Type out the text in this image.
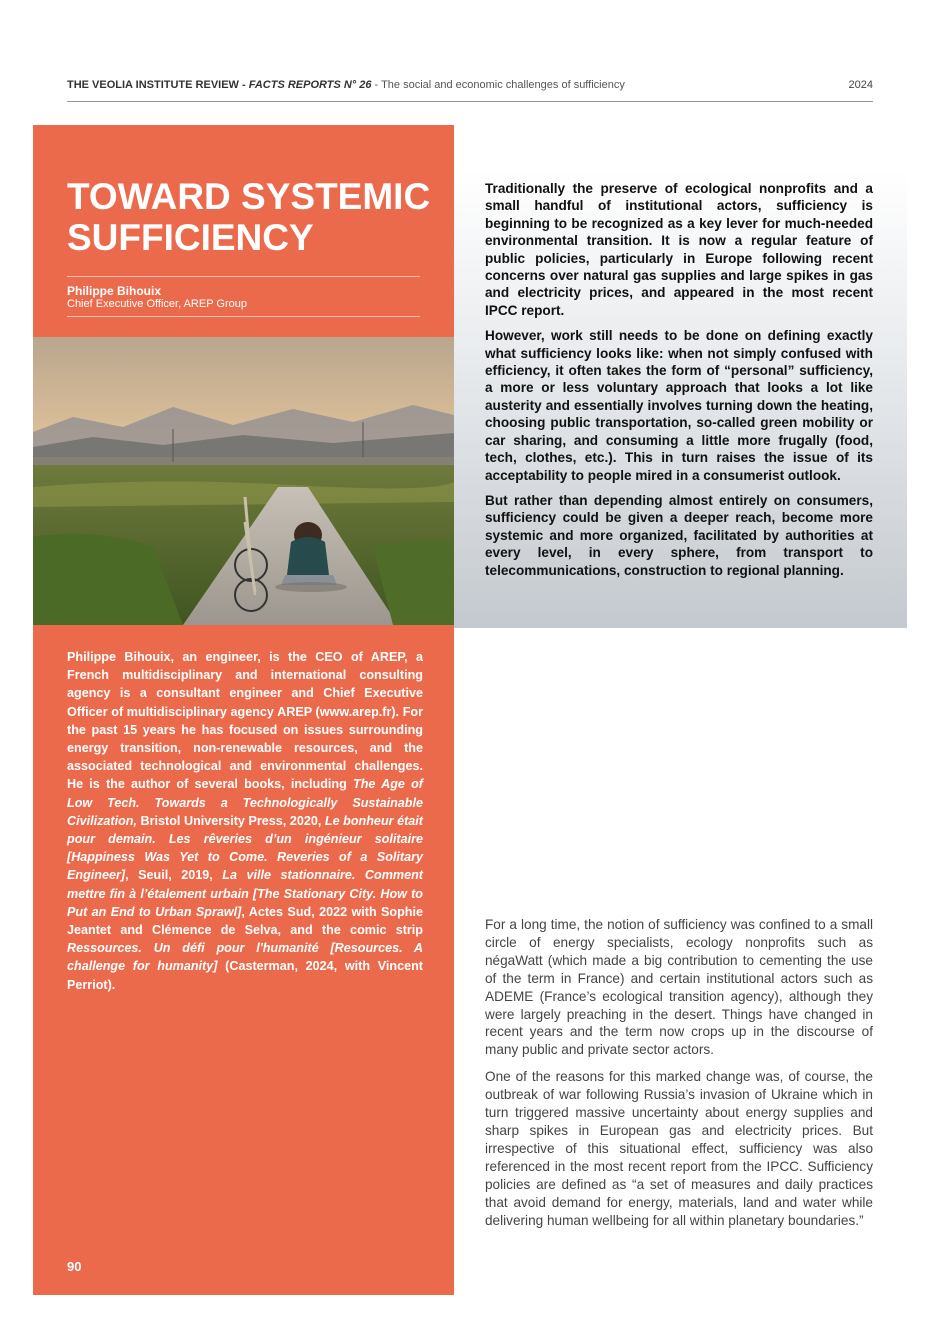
THE VEOLIA INSTITUTE REVIEW - FACTS REPORTS N° 26 - The social and economic challenges of sufficiency	2024
TOWARD SYSTEMIC SUFFICIENCY
Philippe Bihouix
Chief Executive Officer, AREP Group

Philippe Bihouix, an engineer, is the CEO of AREP, a French multidisciplinary and international consulting agency is a consultant engineer and Chief Executive Officer of multidisciplinary agency AREP (www.arep.fr). For the past 15 years he has focused on issues surrounding energy transition, non-renewable resources, and the associated technological and environmental challenges. He is the author of several books, including The Age of Low Tech. Towards a Technologically Sustainable Civilization, Bristol University Press, 2020, Le bonheur était pour demain. Les rêveries d’un ingénieur solitaire [Happiness Was Yet to Come. Reveries of a Solitary Engineer], Seuil, 2019, La ville stationnaire. Comment mettre fin à l’étalement urbain [The Stationary City. How to Put an End to Urban Sprawl], Actes Sud, 2022 with Sophie Jeantet and Clémence de Selva, and the comic strip Ressources. Un défi pour l'humanité [Resources. A challenge for humanity] (Casterman, 2024, with Vincent Perriot).

90

Traditionally the preserve of ecological nonprofits and a small handful of institutional actors, sufficiency is beginning to be recognized as a key lever for much-needed environmental transition. It is now a regular feature of public policies, particularly in Europe following recent concerns over natural gas supplies and large spikes in gas and electricity prices, and appeared in the most recent IPCC report.

However, work still needs to be done on defining exactly what sufficiency looks like: when not simply confused with efficiency, it often takes the form of “personal” sufficiency, a more or less voluntary approach that looks a lot like austerity and essentially involves turning down the heating, choosing public transportation, so-called green mobility or car sharing, and consuming a little more frugally (food, tech, clothes, etc.). This in turn raises the issue of its acceptability to people mired in a consumerist outlook.

But rather than depending almost entirely on consumers, sufficiency could be given a deeper reach, become more systemic and more organized, facilitated by authorities at every level, in every sphere, from transport to telecommunications, construction to regional planning.

For a long time, the notion of sufficiency was confined to a small circle of energy specialists, ecology nonprofits such as négaWatt (which made a big contribution to cementing the use of the term in France) and certain institutional actors such as ADEME (France’s ecological transition agency), although they were largely preaching in the desert. Things have changed in recent years and the term now crops up in the discourse of many public and private sector actors.

One of the reasons for this marked change was, of course, the outbreak of war following Russia’s invasion of Ukraine which in turn triggered massive uncertainty about energy supplies and sharp spikes in European gas and electricity prices. But irrespective of this situational effect, sufficiency was also referenced in the most recent report from the IPCC. Sufficiency policies are defined as “a set of measures and daily practices that avoid demand for energy, materials, land and water while delivering human wellbeing for all within planetary boundaries.”
